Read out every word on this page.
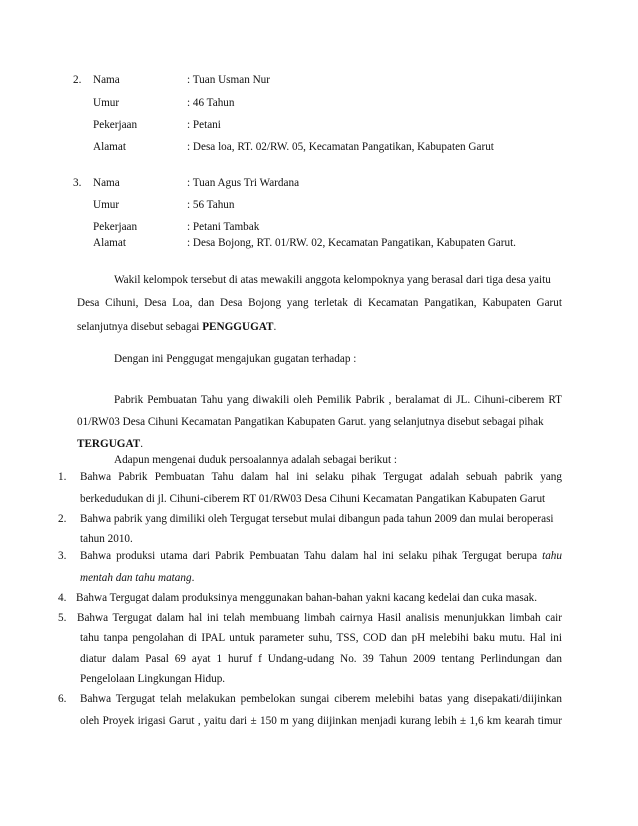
2. Nama	: Tuan Usman Nur
Umur	: 46 Tahun
Pekerjaan	: Petani
Alamat	: Desa loa, RT. 02/RW. 05, Kecamatan Pangatikan, Kabupaten Garut
3. Nama	: Tuan Agus Tri Wardana
Umur	: 56 Tahun
Pekerjaan	: Petani Tambak
Alamat	: Desa Bojong, RT. 01/RW. 02, Kecamatan Pangatikan, Kabupaten Garut.
Wakil kelompok tersebut di atas mewakili anggota kelompoknya yang berasal dari tiga desa yaitu
Desa Cihuni, Desa Loa, dan Desa Bojong yang terletak di Kecamatan Pangatikan, Kabupaten Garut
selanjutnya disebut sebagai PENGGUGAT.
Dengan ini Penggugat mengajukan gugatan terhadap :
Pabrik Pembuatan Tahu yang diwakili oleh Pemilik Pabrik , beralamat di JL. Cihuni-ciberem RT
01/RW03 Desa Cihuni Kecamatan Pangatikan Kabupaten Garut. yang selanjutnya disebut sebagai pihak
TERGUGAT.
Adapun mengenai duduk persoalannya adalah sebagai berikut :
1. Bahwa Pabrik Pembuatan Tahu dalam hal ini selaku pihak Tergugat adalah sebuah pabrik yang
berkedudukan di jl. Cihuni-ciberem RT 01/RW03 Desa Cihuni Kecamatan Pangatikan Kabupaten Garut
2. Bahwa pabrik yang dimiliki oleh Tergugat tersebut mulai dibangun pada tahun 2009 dan mulai beroperasi
tahun 2010.
3. Bahwa produksi utama dari Pabrik Pembuatan Tahu dalam hal ini selaku pihak Tergugat berupa tahu
mentah dan tahu matang.
4. Bahwa Tergugat dalam produksinya menggunakan bahan-bahan yakni kacang kedelai dan cuka masak.
5. Bahwa Tergugat dalam hal ini telah membuang limbah cairnya Hasil analisis menunjukkan limbah cair
tahu tanpa pengolahan di IPAL untuk parameter suhu, TSS, COD dan pH melebihi baku mutu. Hal ini
diatur dalam Pasal 69 ayat 1 huruf f Undang-udang No. 39 Tahun 2009 tentang Perlindungan dan
Pengelolaan Lingkungan Hidup.
6. Bahwa Tergugat telah melakukan pembelokan sungai ciberem melebihi batas yang disepakati/diijinkan
oleh Proyek irigasi Garut , yaitu dari ± 150 m yang diijinkan menjadi kurang lebih ± 1,6 km kearah timur
